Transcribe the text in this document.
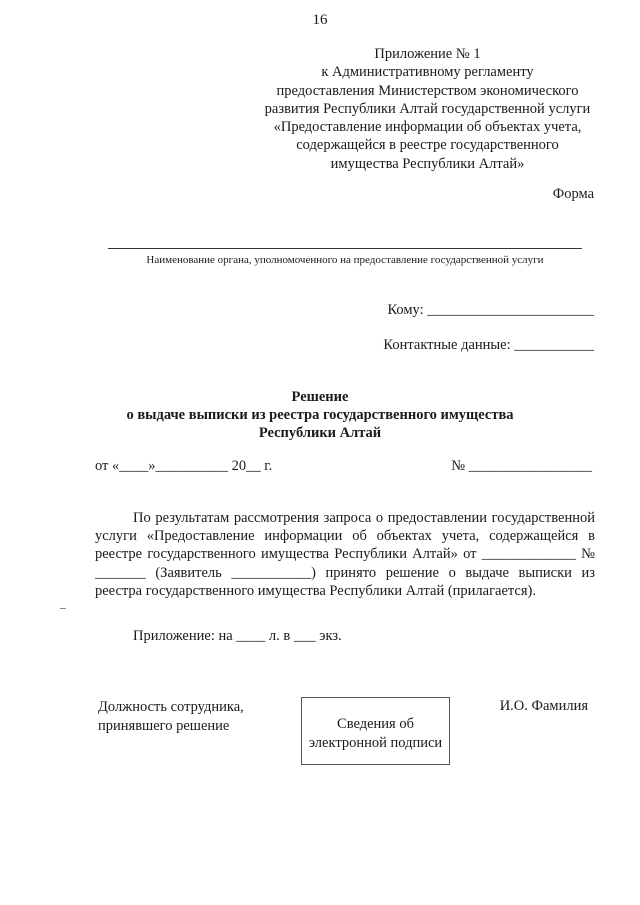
16
Приложение № 1
к Административному регламенту
предоставления Министерством экономического
развития Республики Алтай государственной услуги
«Предоставление информации об объектах учета,
содержащейся в реестре государственного
имущества Республики Алтай»
Форма
Наименование органа, уполномоченного на предоставление государственной услуги
Кому: _______________________
Контактные данные: ___________
Решение
о выдаче выписки из реестра государственного имущества
Республики Алтай
от «____»__________ 20__ г.	№ _________________
По результатам рассмотрения запроса о предоставлении государственной услуги «Предоставление информации об объектах учета, содержащейся в реестре государственного имущества Республики Алтай» от _____________ № _______ (Заявитель ___________) принято решение о выдаче выписки из реестра государственного имущества Республики Алтай (прилагается).
Приложение: на ____ л. в ___ экз.
Должность сотрудника,
принявшего решение	Сведения об
электронной подписи
И.О. Фамилия
